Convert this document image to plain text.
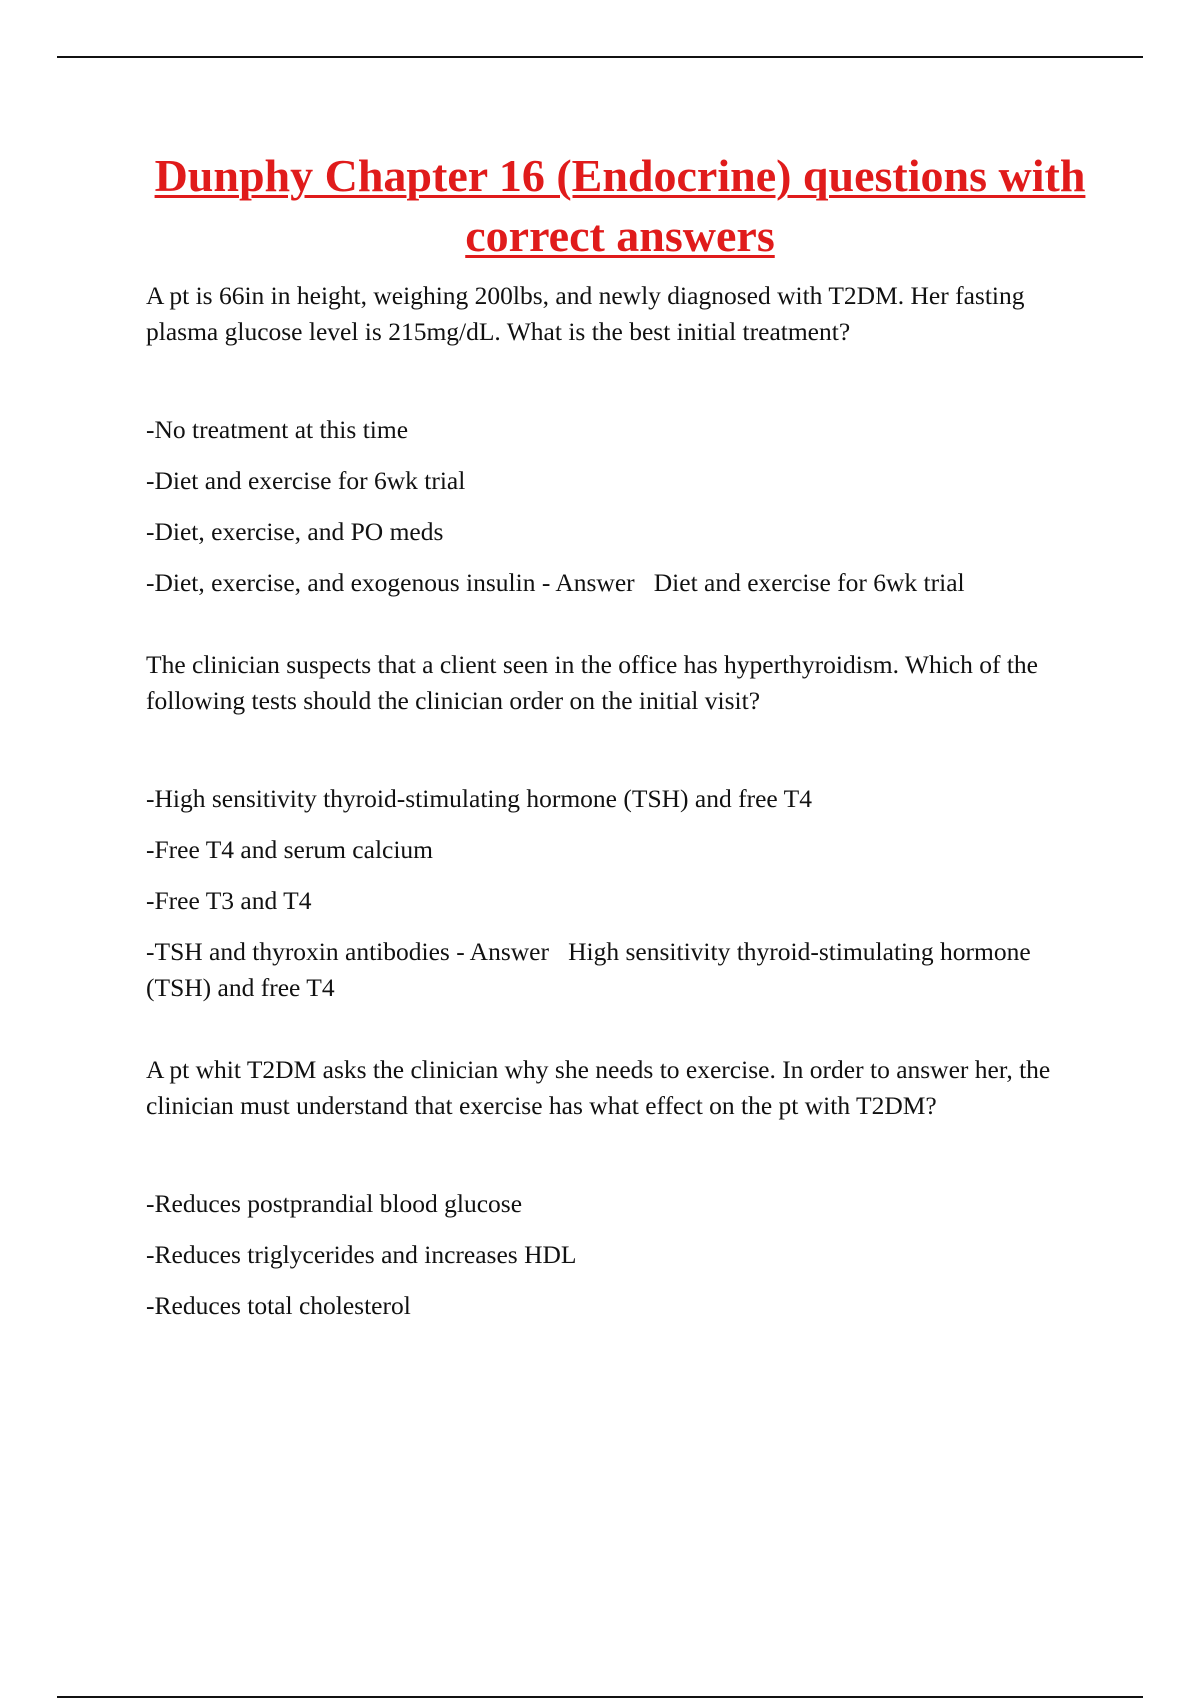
Dunphy Chapter 16 (Endocrine) questions with correct answers

A pt is 66in in height, weighing 200lbs, and newly diagnosed with T2DM. Her fasting plasma glucose level is 215mg/dL. What is the best initial treatment?

-No treatment at this time
-Diet and exercise for 6wk trial
-Diet, exercise, and PO meds
-Diet, exercise, and exogenous insulin - Answer   Diet and exercise for 6wk trial

The clinician suspects that a client seen in the office has hyperthyroidism. Which of the following tests should the clinician order on the initial visit?

-High sensitivity thyroid-stimulating hormone (TSH) and free T4
-Free T4 and serum calcium
-Free T3 and T4
-TSH and thyroxin antibodies - Answer   High sensitivity thyroid-stimulating hormone (TSH) and free T4

A pt whit T2DM asks the clinician why she needs to exercise. In order to answer her, the clinician must understand that exercise has what effect on the pt with T2DM?

-Reduces postprandial blood glucose
-Reduces triglycerides and increases HDL
-Reduces total cholesterol
